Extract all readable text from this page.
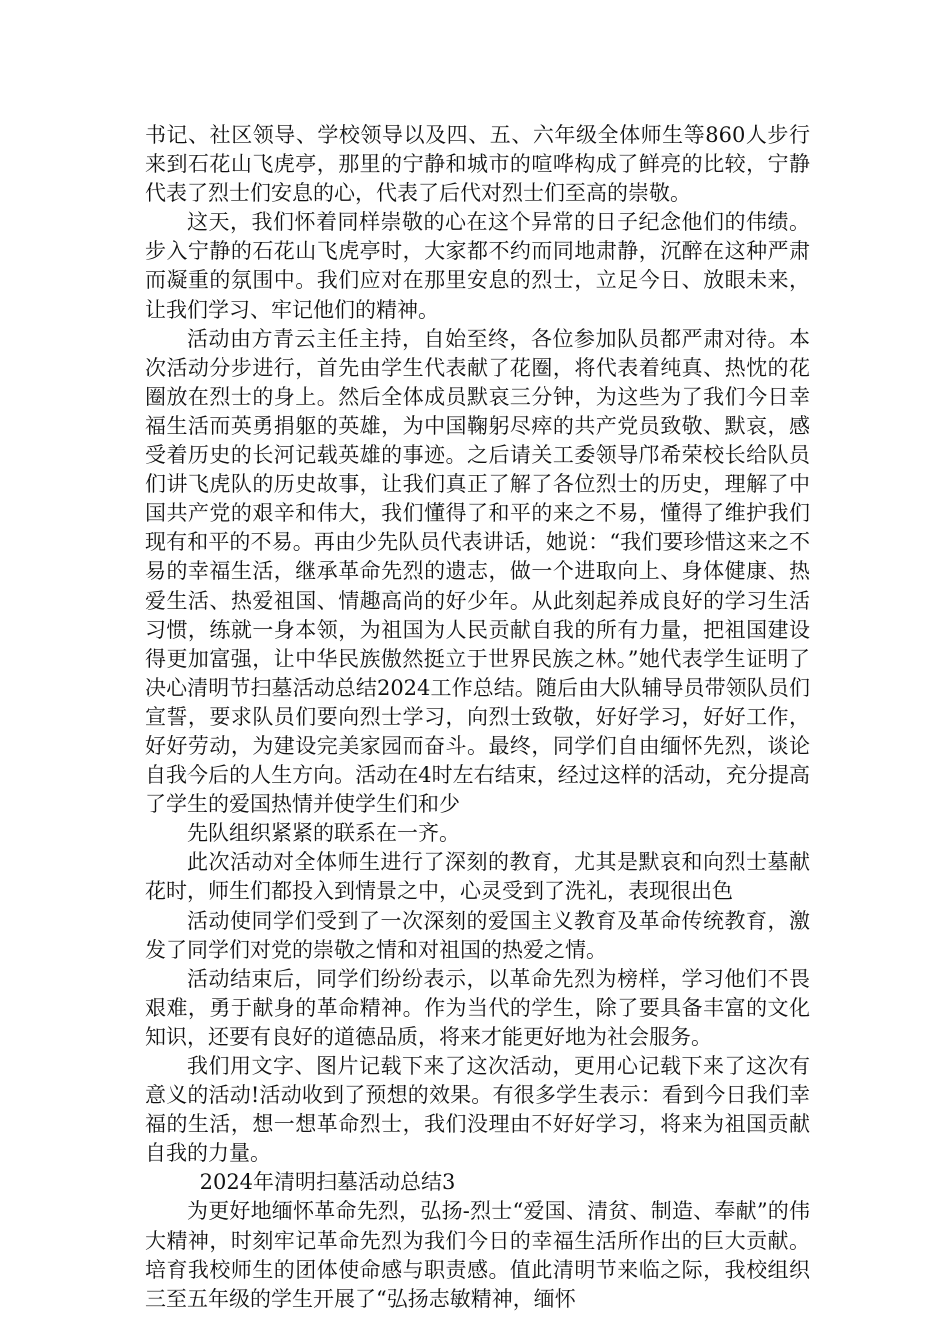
书记、社区领导、学校领导以及四、五、六年级全体师生等860人步行来到石花山飞虎亭，那里的宁静和城市的喧哗构成了鲜亮的比较，宁静代表了烈士们安息的心，代表了后代对烈士们至高的崇敬。

这天，我们怀着同样崇敬的心在这个异常的日子纪念他们的伟绩。步入宁静的石花山飞虎亭时，大家都不约而同地肃静，沉醉在这种严肃而凝重的氛围中。我们应对在那里安息的烈士，立足今日、放眼未来，让我们学习、牢记他们的精神。

活动由方青云主任主持，自始至终，各位参加队员都严肃对待。本次活动分步进行，首先由学生代表献了花圈，将代表着纯真、热忱的花圈放在烈士的身上。然后全体成员默哀三分钟，为这些为了我们今日幸福生活而英勇捐躯的英雄，为中国鞠躬尽瘁的共产党员致敬、默哀，感受着历史的长河记载英雄的事迹。之后请关工委领导邝希荣校长给队员们讲飞虎队的历史故事，让我们真正了解了各位烈士的历史，理解了中国共产党的艰辛和伟大，我们懂得了和平的来之不易，懂得了维护我们现有和平的不易。再由少先队员代表讲话，她说：“我们要珍惜这来之不易的幸福生活，继承革命先烈的遗志，做一个进取向上、身体健康、热爱生活、热爱祖国、情趣高尚的好少年。从此刻起养成良好的学习生活习惯，练就一身本领，为祖国为人民贡献自我的所有力量，把祖国建设得更加富强，让中华民族傲然挺立于世界民族之林。”她代表学生证明了决心清明节扫墓活动总结2024工作总结。随后由大队辅导员带领队员们宣誓，要求队员们要向烈士学习，向烈士致敬，好好学习，好好工作，好好劳动，为建设完美家园而奋斗。最终，同学们自由缅怀先烈，谈论自我今后的人生方向。活动在4时左右结束，经过这样的活动，充分提高了学生的爱国热情并使学生们和少

先队组织紧紧的联系在一齐。

此次活动对全体师生进行了深刻的教育，尤其是默哀和向烈士墓献花时，师生们都投入到情景之中，心灵受到了洗礼，表现很出色

活动使同学们受到了一次深刻的爱国主义教育及革命传统教育，激发了同学们对党的崇敬之情和对祖国的热爱之情。

活动结束后，同学们纷纷表示，以革命先烈为榜样，学习他们不畏艰难，勇于献身的革命精神。作为当代的学生，除了要具备丰富的文化知识，还要有良好的道德品质，将来才能更好地为社会服务。

我们用文字、图片记载下来了这次活动，更用心记载下来了这次有意义的活动!活动收到了预想的效果。有很多学生表示：看到今日我们幸福的生活，想一想革命烈士，我们没理由不好好学习，将来为祖国贡献自我的力量。

2024年清明扫墓活动总结3

为更好地缅怀革命先烈，弘扬-烈士“爱国、清贫、制造、奉献”的伟大精神，时刻牢记革命先烈为我们今日的幸福生活所作出的巨大贡献。培育我校师生的团体使命感与职责感。值此清明节来临之际，我校组织三至五年级的学生开展了“弘扬志敏精神，缅怀
